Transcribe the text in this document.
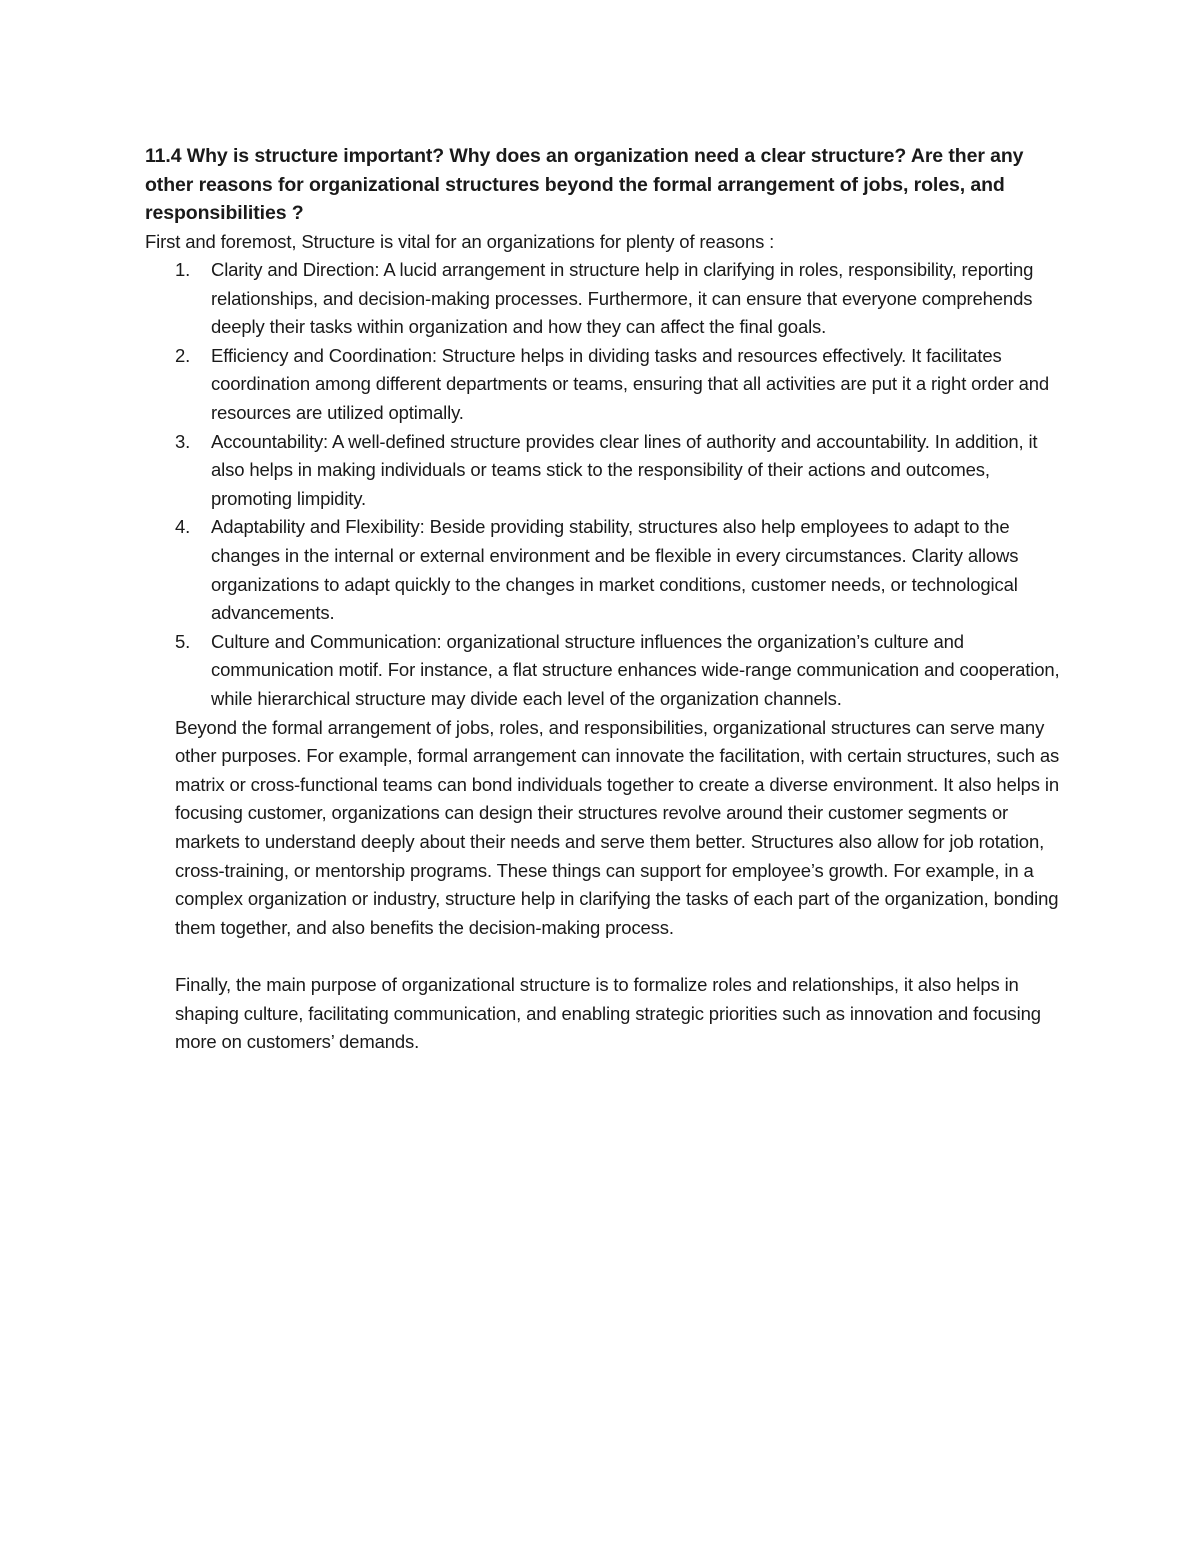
11.4 Why is structure important? Why does an organization need a clear structure? Are ther any other reasons for organizational structures beyond the formal arrangement of jobs, roles, and responsibilities ?

First and foremost, Structure is vital for an organizations for plenty of reasons :

1. Clarity and Direction: A lucid arrangement in structure help in clarifying in roles, responsibility, reporting relationships, and decision-making processes. Furthermore, it can ensure that everyone comprehends deeply their tasks within organization and how they can affect the final goals.
2. Efficiency and Coordination: Structure helps in dividing tasks and resources effectively. It facilitates coordination among different departments or teams, ensuring that all activities are put it a right order and resources are utilized optimally.
3. Accountability: A well-defined structure provides clear lines of authority and accountability. In addition, it also helps in making individuals or teams stick to the responsibility of their actions and outcomes, promoting limpidity.
4. Adaptability and Flexibility: Beside providing stability, structures also help employees to adapt to the changes in the internal or external environment and be flexible in every circumstances. Clarity allows organizations to adapt quickly to the changes in market conditions, customer needs, or technological advancements.
5. Culture and Communication: organizational structure influences the organization’s culture and communication motif. For instance, a flat structure enhances wide-range communication and cooperation, while hierarchical structure may divide each level of the organization channels.

Beyond the formal arrangement of jobs, roles, and responsibilities, organizational structures can serve many other purposes. For example, formal arrangement can innovate the facilitation, with certain structures, such as matrix or cross-functional teams can bond individuals together to create a diverse environment. It also helps in focusing customer, organizations can design their structures revolve around their customer segments or markets to understand deeply about their needs and serve them better. Structures also allow for job rotation, cross-training, or mentorship programs. These things can support for employee’s growth. For example, in a complex organization or industry, structure help in clarifying the tasks of each part of the organization, bonding them together, and also benefits the decision-making process.

Finally, the main purpose of organizational structure is to formalize roles and relationships, it also helps in shaping culture, facilitating communication, and enabling strategic priorities such as innovation and focusing more on customers’ demands.
